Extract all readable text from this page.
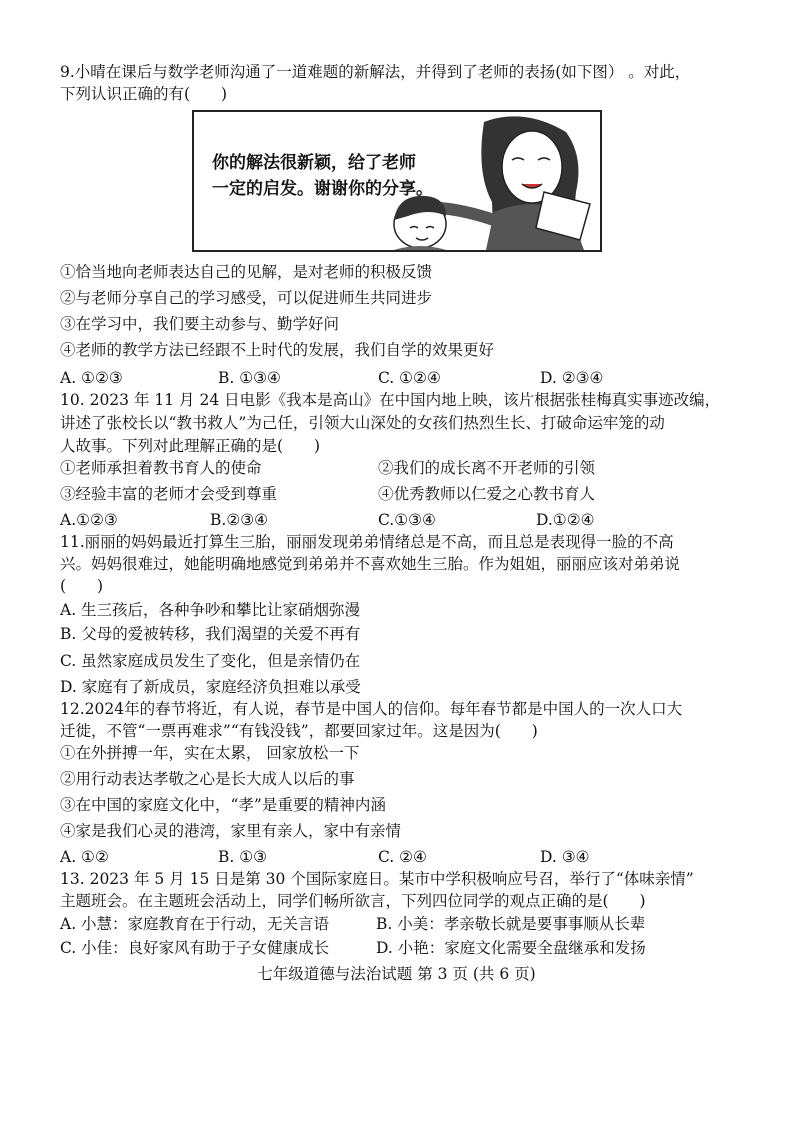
9.小晴在课后与数学老师沟通了一道难题的新解法，并得到了老师的表扬(如下图） 。对此，
下列认识正确的有(　　)
你的解法很新颖，给了老师
一定的启发。谢谢你的分享。
①恰当地向老师表达自己的见解，是对老师的积极反馈
②与老师分享自己的学习感受，可以促进师生共同进步
③在学习中，我们要主动参与、勤学好问
④老师的教学方法已经跟不上时代的发展，我们自学的效果更好
A. ①②③	B. ①③④	C. ①②④	D. ②③④
10. 2023 年 11 月 24 日电影《我本是高山》在中国内地上映，该片根据张桂梅真实事迹改编，
讲述了张校长以“教书救人”为己任，引领大山深处的女孩们热烈生长、打破命运牢笼的动
人故事。下列对此理解正确的是(　　)
①老师承担着教书育人的使命	②我们的成长离不开老师的引领
③经验丰富的老师才会受到尊重	④优秀教师以仁爱之心教书育人
A.①②③	B.②③④	C.①③④	D.①②④
11.丽丽的妈妈最近打算生三胎，丽丽发现弟弟情绪总是不高，而且总是表现得一脸的不高
兴。妈妈很难过，她能明确地感觉到弟弟并不喜欢她生三胎。作为姐姐，丽丽应该对弟弟说
(　　)
A. 生三孩后，各种争吵和攀比让家硝烟弥漫
B. 父母的爱被转移，我们渴望的关爱不再有
C. 虽然家庭成员发生了变化，但是亲情仍在
D. 家庭有了新成员，家庭经济负担难以承受
12.2024年的春节将近，有人说，春节是中国人的信仰。每年春节都是中国人的一次人口大
迁徙，不管“一票再难求”“有钱没钱”，都要回家过年。这是因为(　　)
①在外拼搏一年，实在太累， 回家放松一下
②用行动表达孝敬之心是长大成人以后的事
③在中国的家庭文化中，“孝”是重要的精神内涵
④家是我们心灵的港湾，家里有亲人，家中有亲情
A. ①②	B. ①③	C. ②④	D. ③④
13. 2023 年 5 月 15 日是第 30 个国际家庭日。某市中学积极响应号召，举行了“体味亲情”
主题班会。在主题班会活动上，同学们畅所欲言，下列四位同学的观点正确的是(　　)
A. 小慧：家庭教育在于行动，无关言语	B. 小美：孝亲敬长就是要事事顺从长辈
C. 小佳：良好家风有助于子女健康成长	D. 小艳：家庭文化需要全盘继承和发扬
七年级道德与法治试题 第 3 页 (共 6 页)
